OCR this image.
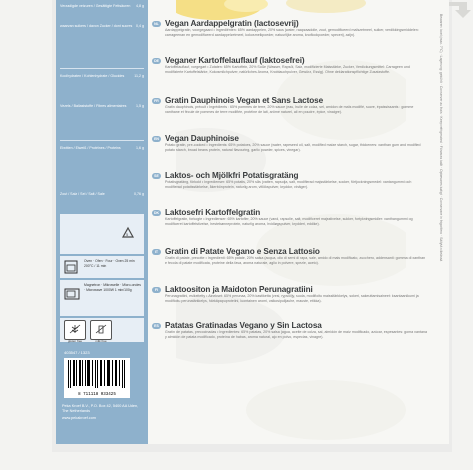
Verzadigde vetzuren / Gesättigte Fettsäuren 4,8 g
waarvan suikers / davon Zucker / dont sucres 0,4 g
Koolhydraten / Kohlenhydrate / Glucides	11,2 g
Vezels / Ballaststoffe / Fibres alimentaires	1,5 g
Eiwitten / Eiweiß / Protéines / Proteins	1,6 g
Zout / Salz / Sel / Salt / Sale	0,76 g
5
Oven · Ofen · Four · Oven 25 min 200°C / 11 min
Magnetron · Mikrowelle · Micro-ondes · Microwave 1000W 1 min/100g
gluten free	milk free
403547 / 1323
8 711118 033425
Peka Kroef B.V., P.O. Box 42, 5400 AA Uden, The Netherlands
www.pekakroef.com
NL Vegan Aardappelgratin (lactosevrij)
Aardappelgratin, voorgegaard • Ingrediënten: 65% aardappelen, 20% saus (water, raapzaadolie, zout, gemodificeerd maïszetmeel, suiker, verdikkingsmiddelen: carrageenan en gemodificeerd aardappelzetmeel, kokosmelkpoeder, natuurlijke aroma, knoflookpoeder, specerij, azijn).
DE Veganer Kartoffelauflauf (laktosefrei)
Kartoffelauflauf, vorgegart • Zutaten: 65% Kartoffeln, 20% Soße (Wasser, Rapsöl, Salz, modifizierte Maisstärke, Zucker, Verdickungsmittel: Carrageen und modifizierte Kartoffelstärke, Kokosmilchpulver, natürliches Aroma, Knoblauchpulver, Gewürz, Essig). Ohne deklarationspflichtige Zusatzstoffe.
FR Gratin Dauphinois Vegan et Sans Lactose
Gratin dauphinois, précuit • Ingrédients : 65% pommes de terre, 20% sauce (eau, huile de colza, sel, amidon de maïs modifié, sucre, épaississants : gomme xanthane et fécule de pommes de terre modifiée, protéine de lait, arôme naturel, ail en poudre, épice, vinaigre).
EN Vegan Dauphinoise
Potato gratin, pre-cooked • Ingredients: 65% potatoes, 20% sauce (water, rapeseed oil, salt, modified maize starch, sugar, thickeners: xanthan gum and modified potato starch, broad beans protein, natural flavouring, garlic powder, spices, vinegar).
SE Laktos- och Mjölkfri Potatisgratäng
Potatisgratäng, förkokt • Ingredienser: 65% potatis, 20% sås (vatten, rapsolja, salt, modifierad majsstärkelse, socker, förtjockningsmedel: xantangummi och modifierad potatisstärkelse, åkerbönprotein, naturlig arom, vitlökspulver, kryddor, vinäger).
DK Laktosefri Kartoffelgratin
Kartoffelgratin, forkogte • Ingredienser: 65% kartofler, 20% sauce (vand, rapsolie, salt, modificeret majsstivelse, sukker, fortykningsmidler: xanthangummi og modificeret kartoffelstivelse, hestebønneprotein, naturlig aroma, hvidløgspulver, krydderi, eddike).
IT Gratin di Patate Vegano e Senza Lattosio
Gratin di patate, precotte • Ingredienti: 65% patate, 20% salsa (acqua, olio di semi di rapa, sale, amido di mais modificato, zucchero, addensanti: gomma di xanthan e fecola di patate modificata, proteine della fava, aroma naturale, aglio in polvere, spezie, aceto).
FI Laktoositon ja Maidoton Perunagratiini
Perunagratiini, esikeitetty • Ainekset: 65% perunaa, 20% kastiketta (vesi, rypsiöljy, suola, modifioitu maissitärkkelys, sokeri, sakeuttamisaineet: ksantaanikumi ja modifioitu perunatärkkelys, härkäpapuproteiini, luontainen aromi, valkosipulijauhe, mauste, etikka).
ES Patatas Gratinadas Vegano y Sin Lactosa
Gratín de patatas, precocinadas • Ingredientes: 65% patatas, 20% salsa (agua, aceite de colza, sal, almidón de maíz modificado, azúcar, espesantes: goma xantana y almidón de patata modificado, proteína de habas, aroma natural, ajo en polvo, especias, vinagre).
Bewaren: koel (max. 7°C) · Lagerung: gekühlt · Conserver au frais · Keep refrigerated · Förvaras kallt · Opbevares køligt · Conservare in frigorifero · Säilytä viileässä
